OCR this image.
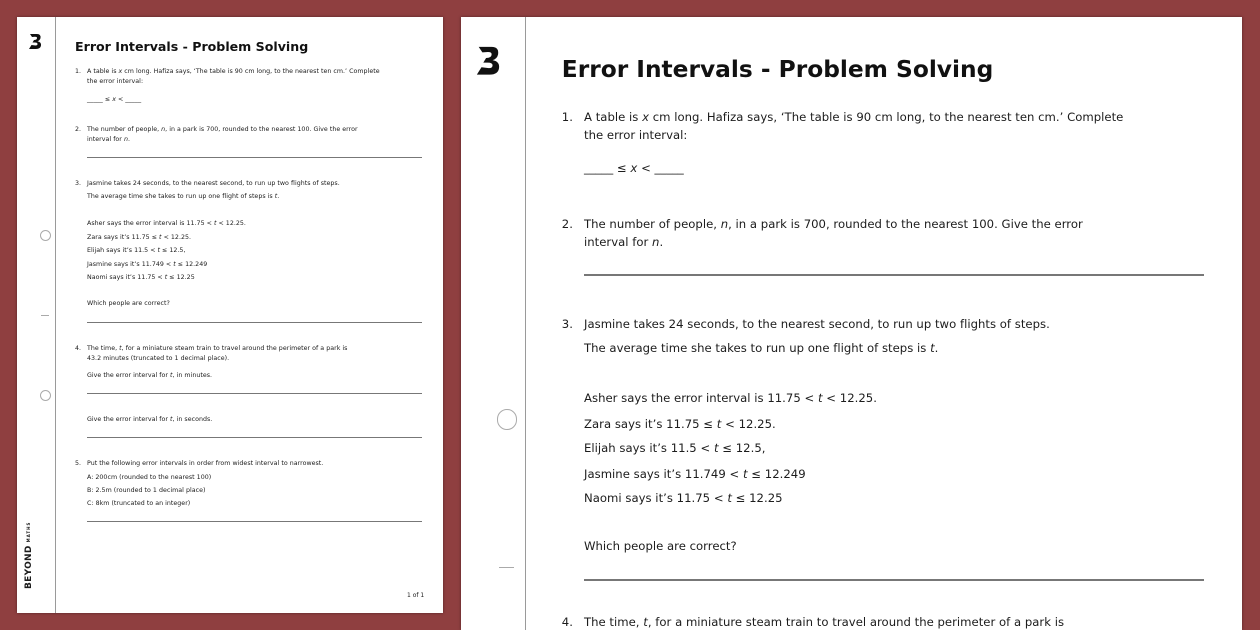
BEYONDMATHS
Error Intervals - Problem Solving
1. A table is x cm long. Hafiza says, ‘The table is 90 cm long, to the nearest ten cm.’ Complete
the error interval:
_____ ≤ x < _____
2. The number of people, n, in a park is 700, rounded to the nearest 100. Give the error
interval for n.
3. Jasmine takes 24 seconds, to the nearest second, to run up two flights of steps.
The average time she takes to run up one flight of steps is t.
Asher says the error interval is 11.75 < t < 12.25.
Zara says it’s 11.75 ≤ t < 12.25.
Elijah says it’s 11.5 < t ≤ 12.5,
Jasmine says it’s 11.749 < t ≤ 12.249
Naomi says it’s 11.75 < t ≤ 12.25
Which people are correct?
4. The time, t, for a miniature steam train to travel around the perimeter of a park is
43.2 minutes (truncated to 1 decimal place).
Give the error interval for t, in minutes.
Give the error interval for t, in seconds.
5. Put the following error intervals in order from widest interval to narrowest.
A: 200cm (rounded to the nearest 100)
B: 2.5m (rounded to 1 decimal place)
C: 8km (truncated to an integer)
1 of 1
Error Intervals - Problem Solving
1. A table is x cm long. Hafiza says, ‘The table is 90 cm long, to the nearest ten cm.’ Complete
the error interval:
_____ ≤ x < _____
2. The number of people, n, in a park is 700, rounded to the nearest 100. Give the error
interval for n.
3. Jasmine takes 24 seconds, to the nearest second, to run up two flights of steps.
The average time she takes to run up one flight of steps is t.
Asher says the error interval is 11.75 < t < 12.25.
Zara says it’s 11.75 ≤ t < 12.25.
Elijah says it’s 11.5 < t ≤ 12.5,
Jasmine says it’s 11.749 < t ≤ 12.249
Naomi says it’s 11.75 < t ≤ 12.25
Which people are correct?
4. The time, t, for a miniature steam train to travel around the perimeter of a park is
